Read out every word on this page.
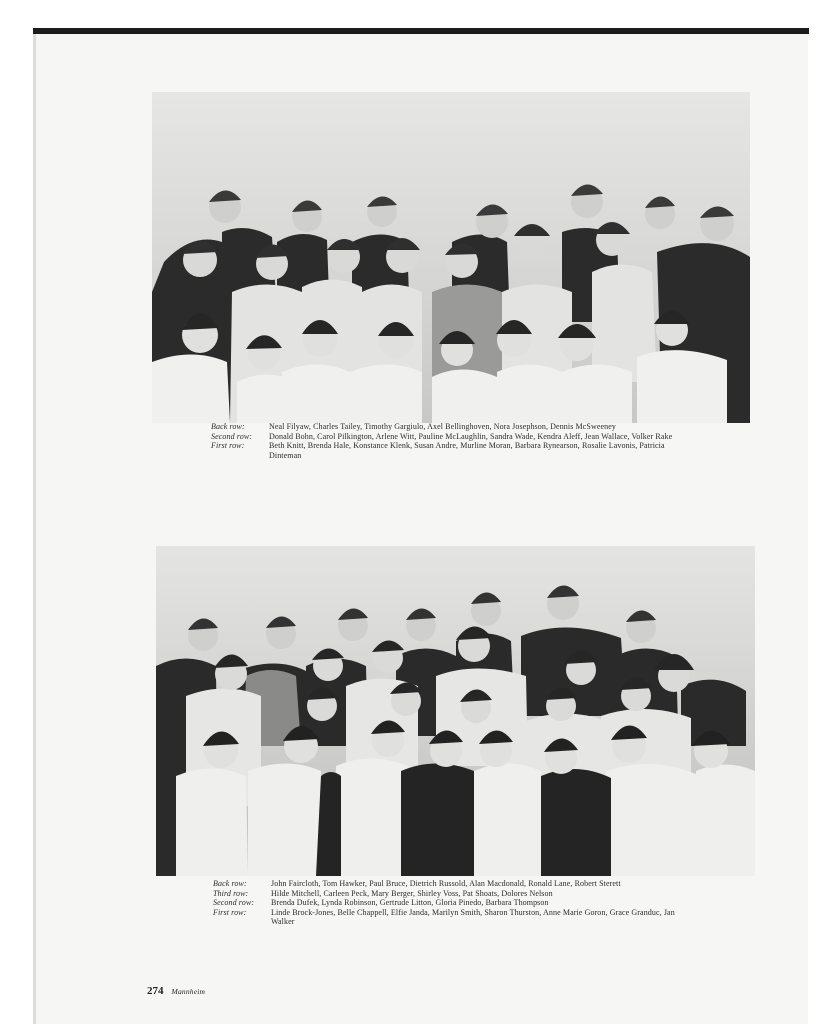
Back row:	Neal Filyaw, Charles Tailey, Timothy Gargiulo, Axel Bellinghoven, Nora Josephson, Dennis McSweeney
Second row:	Donald Bohn, Carol Pilkington, Arlene Witt, Pauline McLaughlin, Sandra Wade, Kendra Aleff, Jean Wallace, Volker Rake
First row:	Beth Knitt, Brenda Hale, Konstance Klenk, Susan Andre, Murline Moran, Barbara Rynearson, Rosalie Lavonis, Patricia Dinteman
Back row:	John Faircloth, Tom Hawker, Paul Bruce, Dietrich Russold, Alan Macdonald, Ronald Lane, Robert Sterett
Third row:	Hilde Mitchell, Carleen Peck, Mary Berger, Shirley Voss, Pat Shoats, Dolores Nelson
Second row:	Brenda Dufek, Lynda Robinson, Gertrude Litton, Gloria Pinedo, Barbara Thompson
First row:	Linde Brock-Jones, Belle Chappell, Elfie Janda, Marilyn Smith, Sharon Thurston, Anne Marie Goron, Grace Granduc, Jan Walker
274 Mannheim
